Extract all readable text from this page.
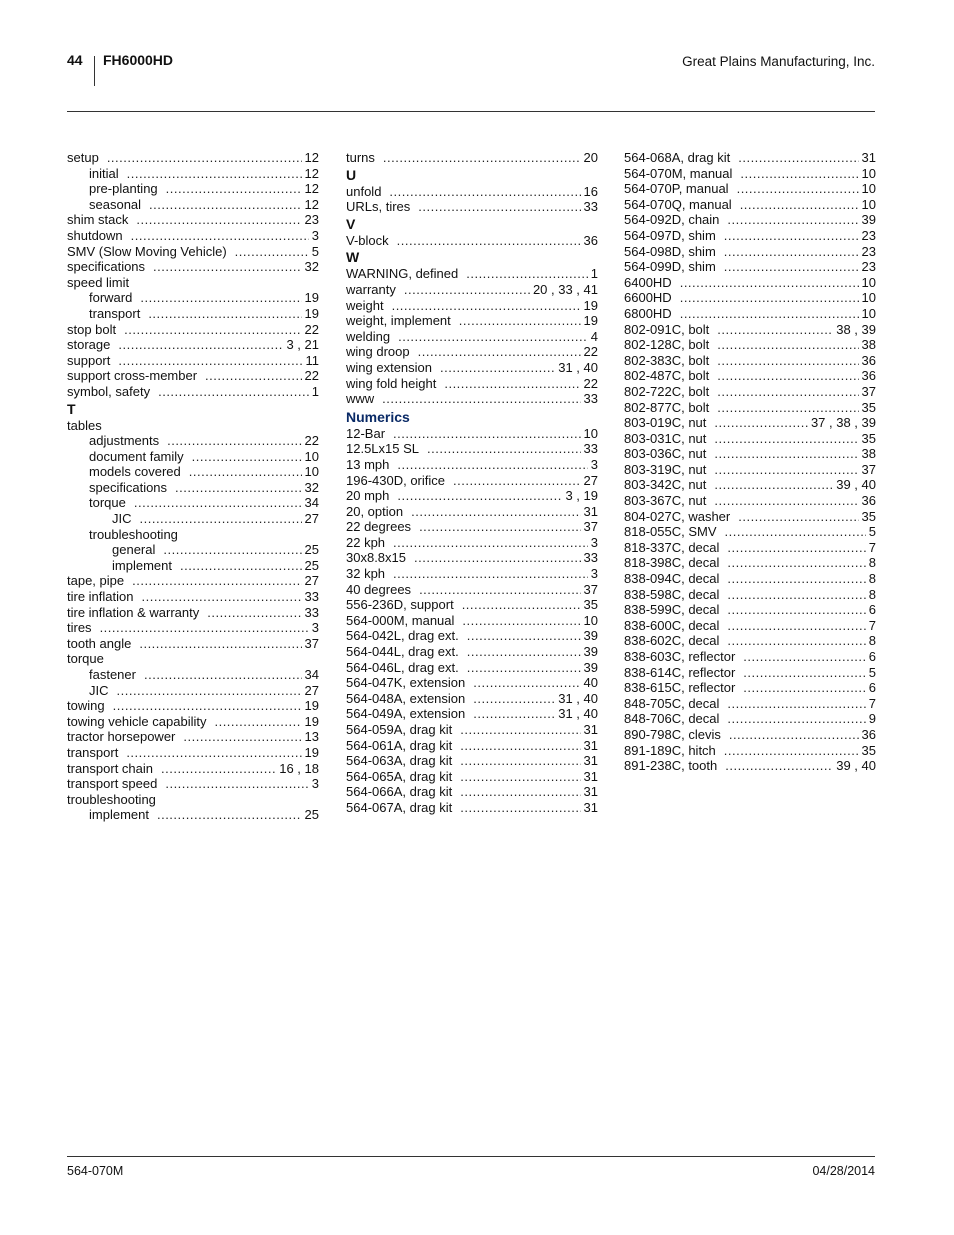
44 FH6000HD	Great Plains Manufacturing, Inc.
setup .....	12
initial .....	12
pre-planting .....	12
seasonal .....	12
shim stack .....	23
shutdown .....	3
SMV (Slow Moving Vehicle) .....	5
specifications .....	32
speed limit
forward .....	19
transport .....	19
stop bolt .....	22
storage .....	3 , 21
support .....	11
support cross-member .....	22
symbol, safety .....	1
T
tables
adjustments .....	22
document family .....	10
models covered .....	10
specifications .....	32
torque .....	34
JIC .....	27
troubleshooting
general .....	25
implement .....	25
tape, pipe .....	27
tire inflation .....	33
tire inflation & warranty .....	33
tires .....	3
tooth angle .....	37
torque
fastener .....	34
JIC .....	27
towing .....	19
towing vehicle capability .....	19
tractor horsepower .....	13
transport .....	19
transport chain .....	16 , 18
transport speed .....	3
troubleshooting
implement .....	25
turns .....	20
U
unfold .....	16
URLs, tires .....	33
V
V-block .....	36
W
WARNING, defined .....	1
warranty .....	20 , 33 , 41
weight .....	19
weight, implement .....	19
welding .....	4
wing droop .....	22
wing extension .....	31 , 40
wing fold height .....	22
www .....	33
Numerics
12-Bar .....	10
12.5Lx15 SL .....	33
13 mph .....	3
196-430D, orifice .....	27
20 mph .....	3 , 19
20, option .....	31
22 degrees .....	37
22 kph .....	3
30x8.8x15 .....	33
32 kph .....	3
40 degrees .....	37
556-236D, support .....	35
564-000M, manual .....	10
564-042L, drag ext. .....	39
564-044L, drag ext. .....	39
564-046L, drag ext. .....	39
564-047K, extension .....	40
564-048A, extension .....	31 , 40
564-049A, extension .....	31 , 40
564-059A, drag kit .....	31
564-061A, drag kit .....	31
564-063A, drag kit .....	31
564-065A, drag kit .....	31
564-066A, drag kit .....	31
564-067A, drag kit .....	31
564-068A, drag kit .....	31
564-070M, manual .....	10
564-070P, manual .....	10
564-070Q, manual .....	10
564-092D, chain .....	39
564-097D, shim .....	23
564-098D, shim .....	23
564-099D, shim .....	23
6400HD .....	10
6600HD .....	10
6800HD .....	10
802-091C, bolt .....	38 , 39
802-128C, bolt .....	38
802-383C, bolt .....	36
802-487C, bolt .....	36
802-722C, bolt .....	37
802-877C, bolt .....	35
803-019C, nut .....	37 , 38 , 39
803-031C, nut .....	35
803-036C, nut .....	38
803-319C, nut .....	37
803-342C, nut .....	39 , 40
803-367C, nut .....	36
804-027C, washer .....	35
818-055C, SMV .....	5
818-337C, decal .....	7
818-398C, decal .....	8
838-094C, decal .....	8
838-598C, decal .....	8
838-599C, decal .....	6
838-600C, decal .....	7
838-602C, decal .....	8
838-603C, reflector .....	6
838-614C, reflector .....	5
838-615C, reflector .....	6
848-705C, decal .....	7
848-706C, decal .....	9
890-798C, clevis .....	36
891-189C, hitch .....	35
891-238C, tooth .....	39 , 40
564-070M	04/28/2014
